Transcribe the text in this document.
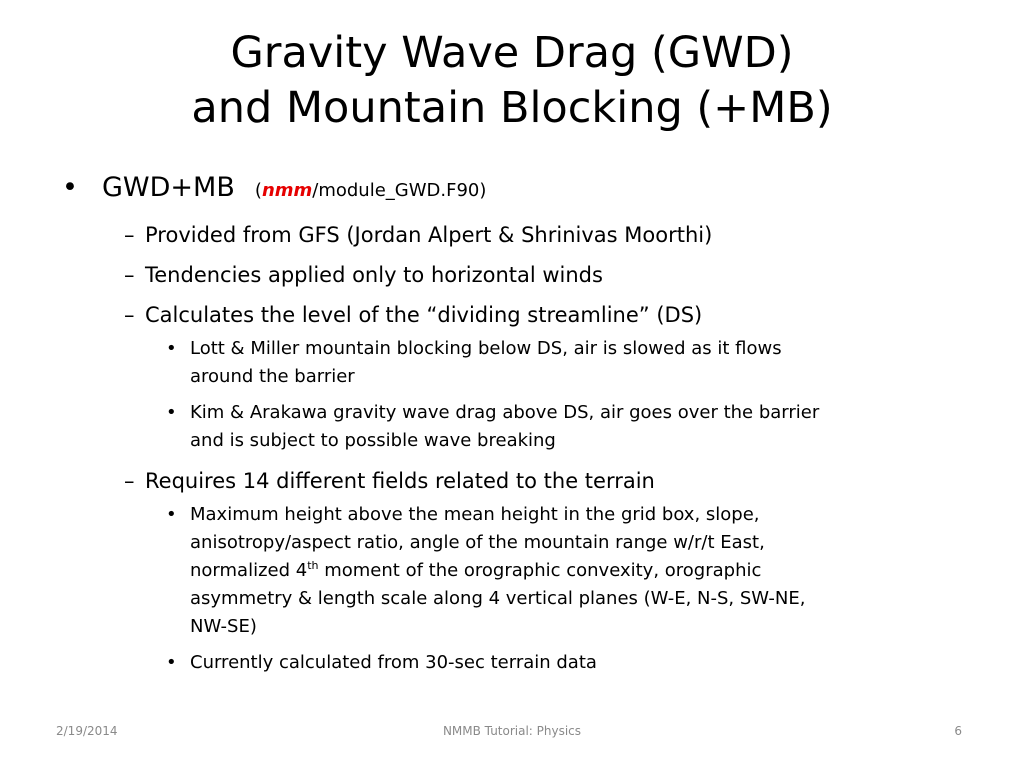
Gravity Wave Drag (GWD)
and Mountain Blocking (+MB)
• GWD+MB (nmm/module_GWD.F90)
– Provided from GFS (Jordan Alpert & Shrinivas Moorthi)
– Tendencies applied only to horizontal winds
– Calculates the level of the “dividing streamline” (DS)
• Lott & Miller mountain blocking below DS, air is slowed as it flows
around the barrier
• Kim & Arakawa gravity wave drag above DS, air goes over the barrier
and is subject to possible wave breaking
– Requires 14 different fields related to the terrain
• Maximum height above the mean height in the grid box, slope,
anisotropy/aspect ratio, angle of the mountain range w/r/t East,
normalized 4th moment of the orographic convexity, orographic
asymmetry & length scale along 4 vertical planes (W-E, N-S, SW-NE,
NW-SE)
• Currently calculated from 30-sec terrain data
2/19/2014	NMMB Tutorial: Physics	6
